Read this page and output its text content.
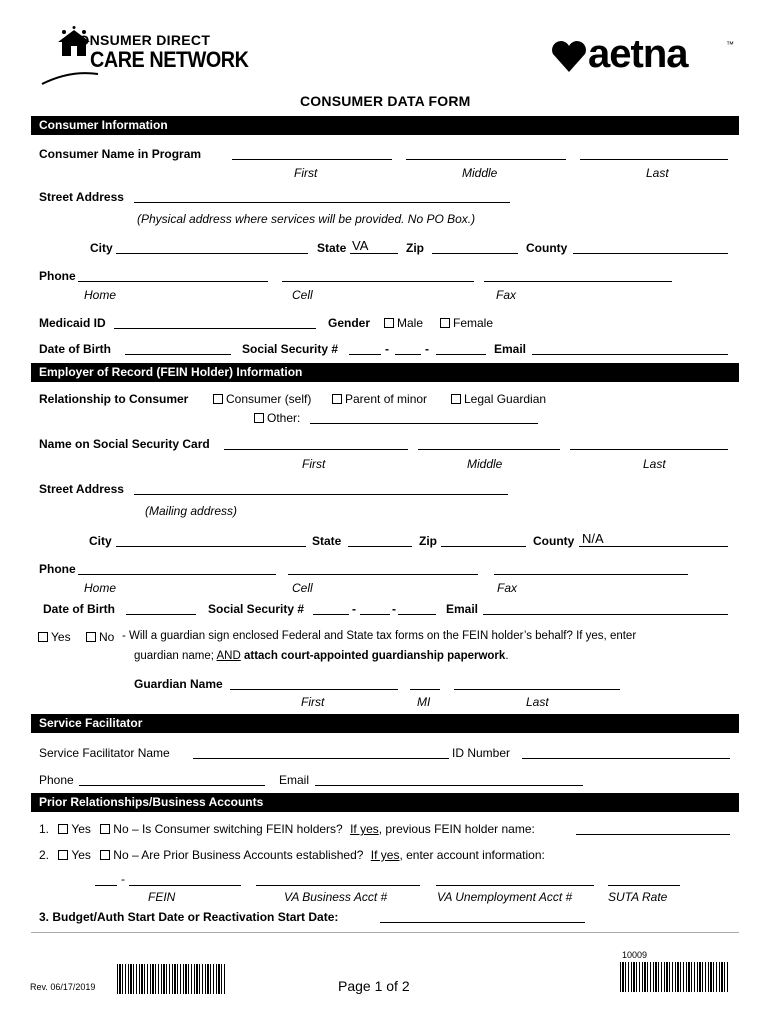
CONSUMER DIRECT
CARE NETWORK	aetna	™
CONSUMER DATA FORM
Consumer Information
Consumer Name in Program
First	Middle	Last
Street Address
(Physical address where services will be provided. No PO Box.)
City	State VA	Zip	County
Phone
Home	Cell	Fax
Medicaid ID	Gender	Male	Female
Date of Birth	Social Security #	-	-	Email
Employer of Record (FEIN Holder) Information
Relationship to Consumer	Consumer (self)	Parent of minor	Legal Guardian
Other:
Name on Social Security Card
First	Middle	Last
Street Address
(Mailing address)
City	State	Zip	County N/A
Phone
Home	Cell	Fax
Date of Birth	Social Security #	-	-	Email
Yes	No - Will a guardian sign enclosed Federal and State tax forms on the FEIN holder’s behalf? If yes, enter
guardian name; AND attach court-appointed guardianship paperwork.
Guardian Name
First	MI	Last
Service Facilitator
Service Facilitator Name	ID Number
Phone	Email
Prior Relationships/Business Accounts
1. Yes No – Is Consumer switching FEIN holders? If yes, previous FEIN holder name:
2. Yes No – Are Prior Business Accounts established? If yes, enter account information:
-
FEIN	VA Business Acct #	VA Unemployment Acct #	SUTA Rate
3. Budget/Auth Start Date or Reactivation Start Date:
Rev. 06/17/2019	Page 1 of 2
10009
